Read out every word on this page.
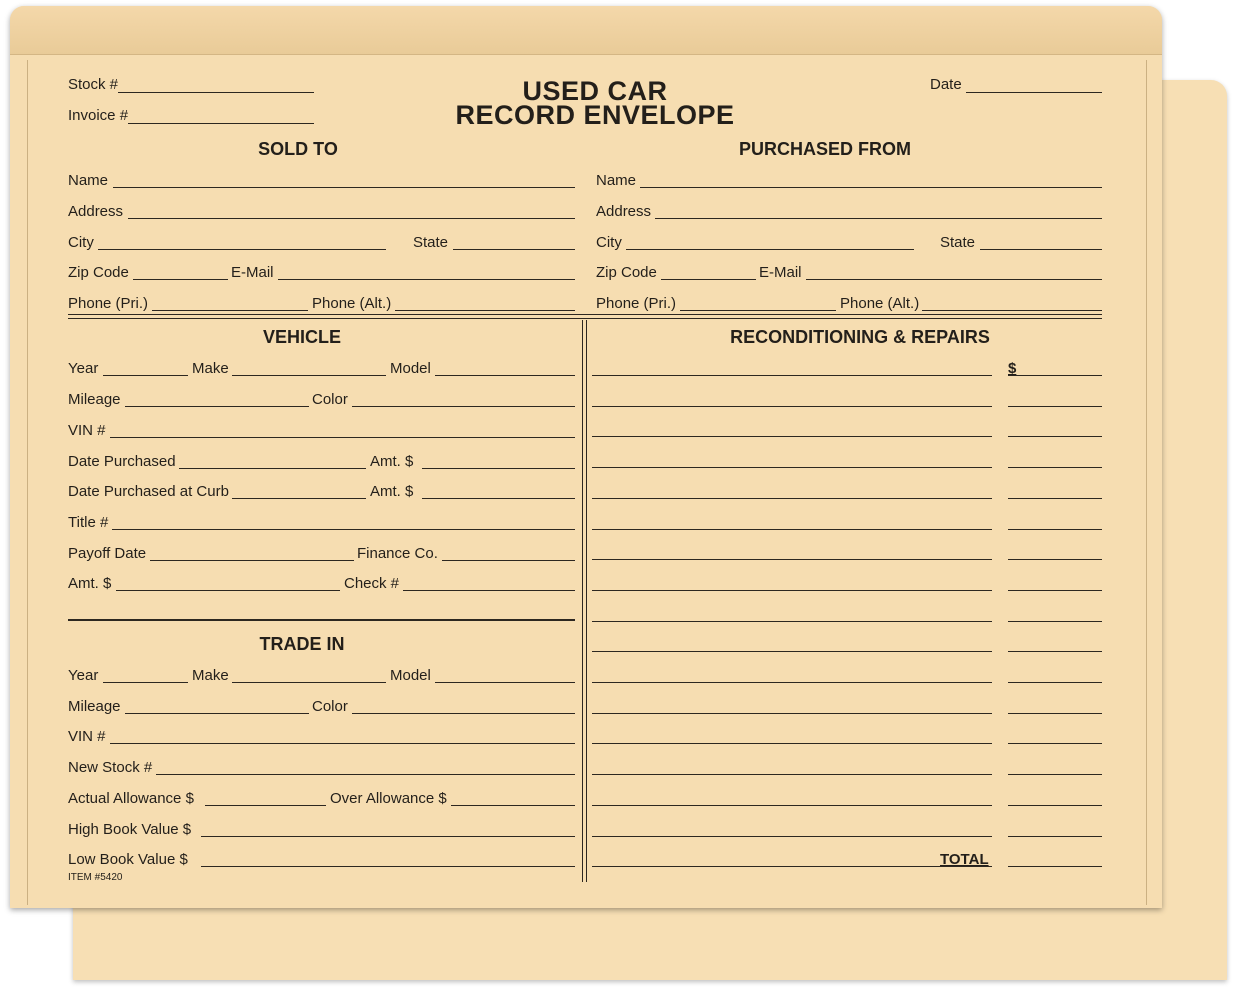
USED CAR
RECORD ENVELOPE
Stock #
Invoice #
Date
SOLD TO
Name
Address
City	State
Zip Code	E-Mail
Phone (Pri.)	Phone (Alt.)
PURCHASED FROM
Name
Address
City	State
Zip Code	E-Mail
Phone (Pri.)	Phone (Alt.)
VEHICLE
Year	Make	Model
Mileage	Color
VIN #
Date Purchased	Amt. $
Date Purchased at Curb	Amt. $
Title #
Payoff Date	Finance Co.
Amt. $	Check #
TRADE IN
Year	Make	Model
Mileage	Color
VIN #
New Stock #
Actual Allowance $	Over Allowance $
High Book Value $
Low Book Value $
ITEM #5420
RECONDITIONING & REPAIRS
$
TOTAL
